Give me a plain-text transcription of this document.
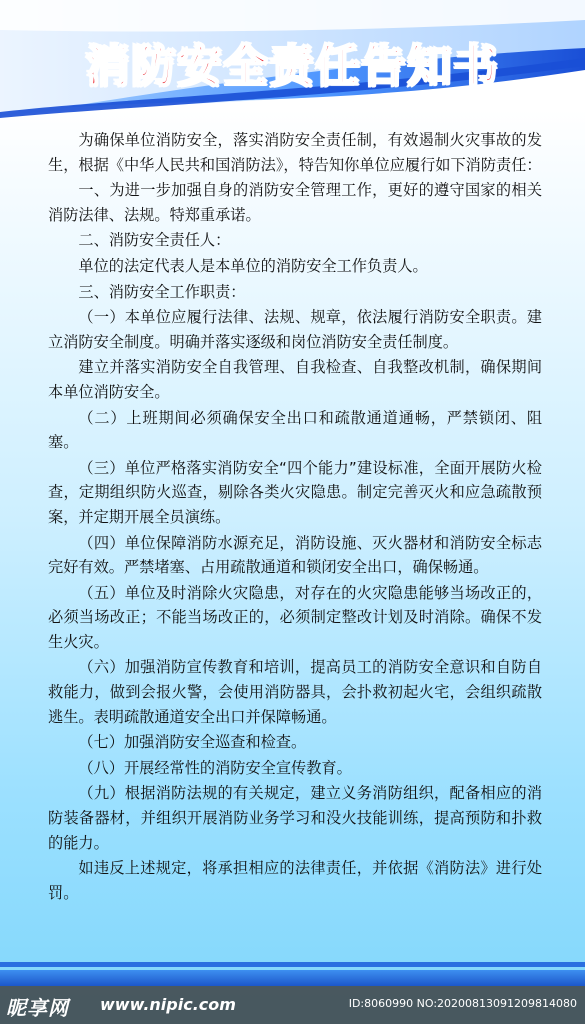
消防安全责任告知书

为确保单位消防安全，落实消防安全责任制，有效遏制火灾事故的发生，根据《中华人民共和国消防法》，特告知你单位应履行如下消防责任：

一、为进一步加强自身的消防安全管理工作，更好的遵守国家的相关消防法律、法规。特郑重承诺。

二、消防安全责任人：

单位的法定代表人是本单位的消防安全工作负责人。

三、消防安全工作职责：

（一）本单位应履行法律、法规、规章，依法履行消防安全职责。建立消防安全制度。明确并落实逐级和岗位消防安全责任制度。

建立并落实消防安全自我管理、自我检查、自我整改机制，确保期间本单位消防安全。

（二）上班期间必须确保安全出口和疏散通道通畅，严禁锁闭、阻塞。

（三）单位严格落实消防安全“四个能力”建设标准，全面开展防火检查，定期组织防火巡查，剔除各类火灾隐患。制定完善灭火和应急疏散预案，并定期开展全员演练。

（四）单位保障消防水源充足，消防设施、灭火器材和消防安全标志完好有效。严禁堵塞、占用疏散通道和锁闭安全出口，确保畅通。

（五）单位及时消除火灾隐患，对存在的火灾隐患能够当场改正的，必须当场改正；不能当场改正的，必须制定整改计划及时消除。确保不发生火灾。

（六）加强消防宣传教育和培训，提高员工的消防安全意识和自防自救能力，做到会报火警，会使用消防器具，会扑救初起火宅，会组织疏散逃生。表明疏散通道安全出口并保障畅通。

（七）加强消防安全巡查和检查。

（八）开展经常性的消防安全宣传教育。

（九）根据消防法规的有关规定，建立义务消防组织，配备相应的消防装备器材，并组织开展消防业务学习和没火技能训练，提高预防和扑救的能力。

如违反上述规定，将承担相应的法律责任，并依据《消防法》进行处罚。

昵享网 www.nipic.com	ID:8060990 NO:20200813091209814080
